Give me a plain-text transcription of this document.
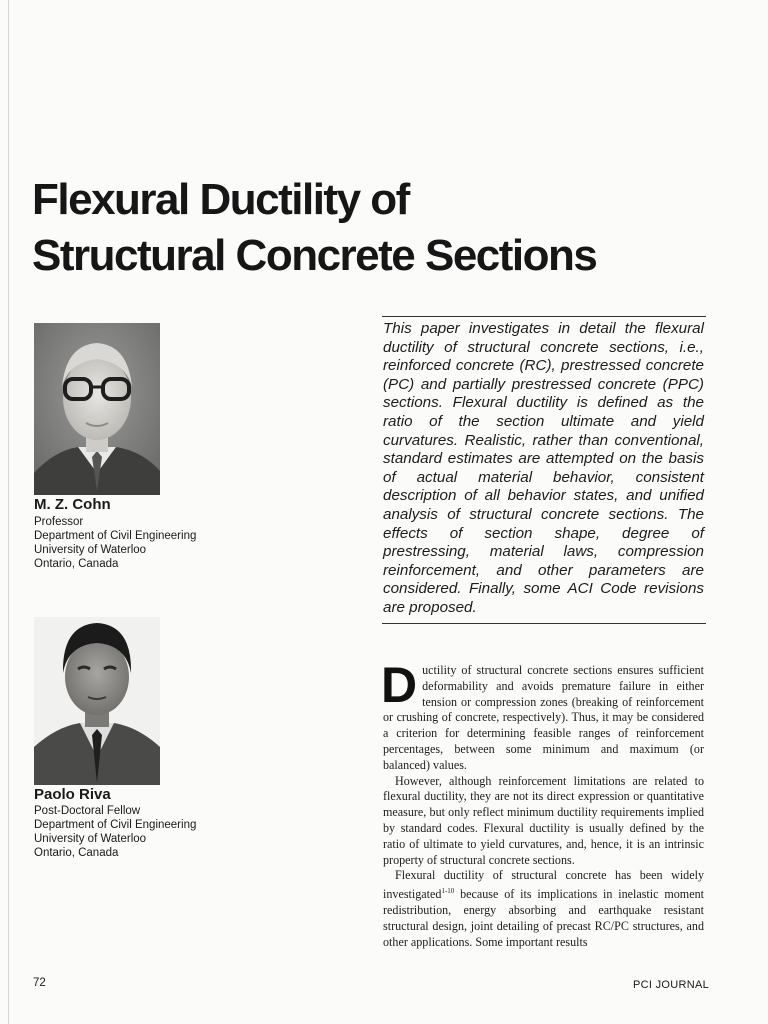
Flexural Ductility of
Structural Concrete Sections
M. Z. Cohn
Professor
Department of Civil Engineering
University of Waterloo
Ontario, Canada
Paolo Riva
Post-Doctoral Fellow
Department of Civil Engineering
University of Waterloo
Ontario, Canada

This paper investigates in detail the flexural ductility of structural concrete sections, i.e., reinforced concrete (RC), prestressed concrete (PC) and partially prestressed concrete (PPC) sections. Flexural ductility is defined as the ratio of the section ultimate and yield curvatures. Realistic, rather than conventional, standard estimates are attempted on the basis of actual material behavior, consistent description of all behavior states, and unified analysis of structural concrete sections. The effects of section shape, degree of prestressing, material laws, compression reinforcement, and other parameters are considered. Finally, some ACI Code revisions are proposed.

Ductility of structural concrete sections ensures sufficient deformability and avoids premature failure in either tension or compression zones (breaking of reinforcement or crushing of concrete, respectively). Thus, it may be considered a criterion for determining feasible ranges of reinforcement percentages, between some minimum and maximum (or balanced) values.

However, although reinforcement limitations are related to flexural ductility, they are not its direct expression or quantitative measure, but only reflect minimum ductility requirements implied by standard codes. Flexural ductility is usually defined by the ratio of ultimate to yield curvatures, and, hence, it is an intrinsic property of structural concrete sections.

Flexural ductility of structural concrete has been widely investigated$^{1-10}$ because of its implications in inelastic moment redistribution, energy absorbing and earthquake resistant structural design, joint detailing of precast RC/PC structures, and other applications. Some important results

72	PCI JOURNAL
